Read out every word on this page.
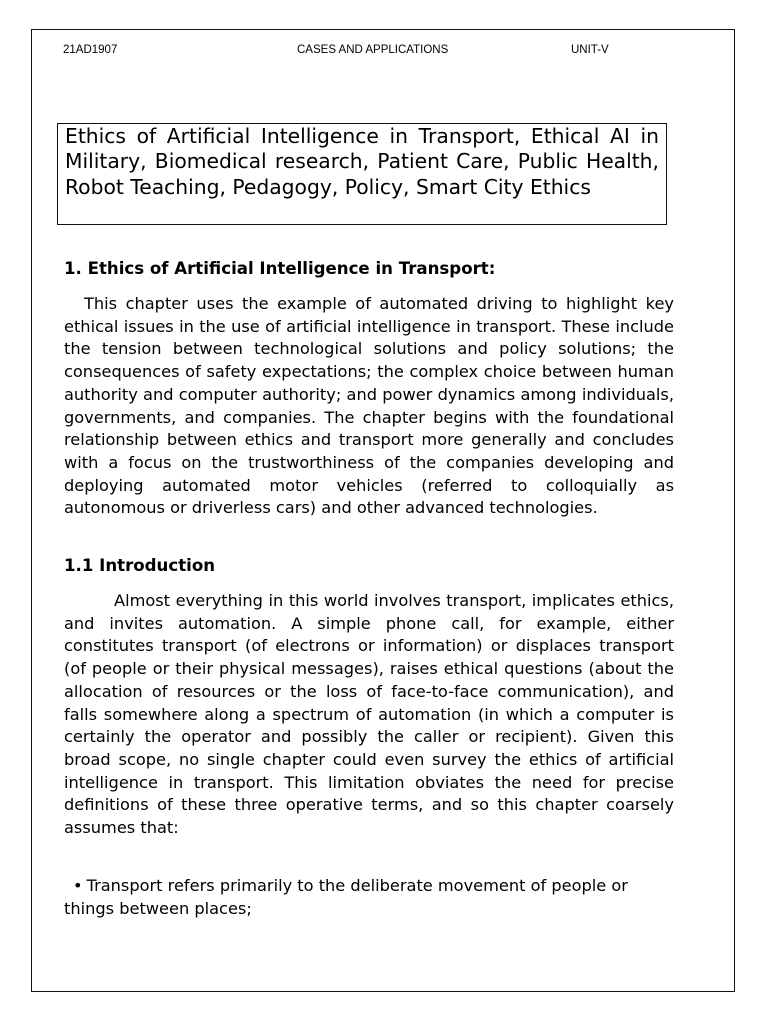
21AD1907	CASES AND APPLICATIONS	UNIT-V
Ethics of Artificial Intelligence in Transport, Ethical AI in Military, Biomedical research, Patient Care, Public Health, Robot Teaching, Pedagogy, Policy, Smart City Ethics

1. Ethics of Artificial Intelligence in Transport:

This chapter uses the example of automated driving to highlight key ethical issues in the use of artificial intelligence in transport. These include the tension between technological solutions and policy solutions; the consequences of safety expectations; the complex choice between human authority and computer authority; and power dynamics among individuals, governments, and companies. The chapter begins with the foundational relationship between ethics and transport more generally and concludes with a focus on the trustworthiness of the companies developing and deploying automated motor vehicles (referred to colloquially as autonomous or driverless cars) and other advanced technologies.

1.1 Introduction

Almost everything in this world involves transport, implicates ethics, and invites automation. A simple phone call, for example, either constitutes transport (of electrons or information) or displaces transport (of people or their physical messages), raises ethical questions (about the allocation of resources or the loss of face-to-face communication), and falls somewhere along a spectrum of automation (in which a computer is certainly the operator and possibly the caller or recipient). Given this broad scope, no single chapter could even survey the ethics of artificial intelligence in transport. This limitation obviates the need for precise definitions of these three operative terms, and so this chapter coarsely assumes that:

• Transport refers primarily to the deliberate movement of people or things between places;
